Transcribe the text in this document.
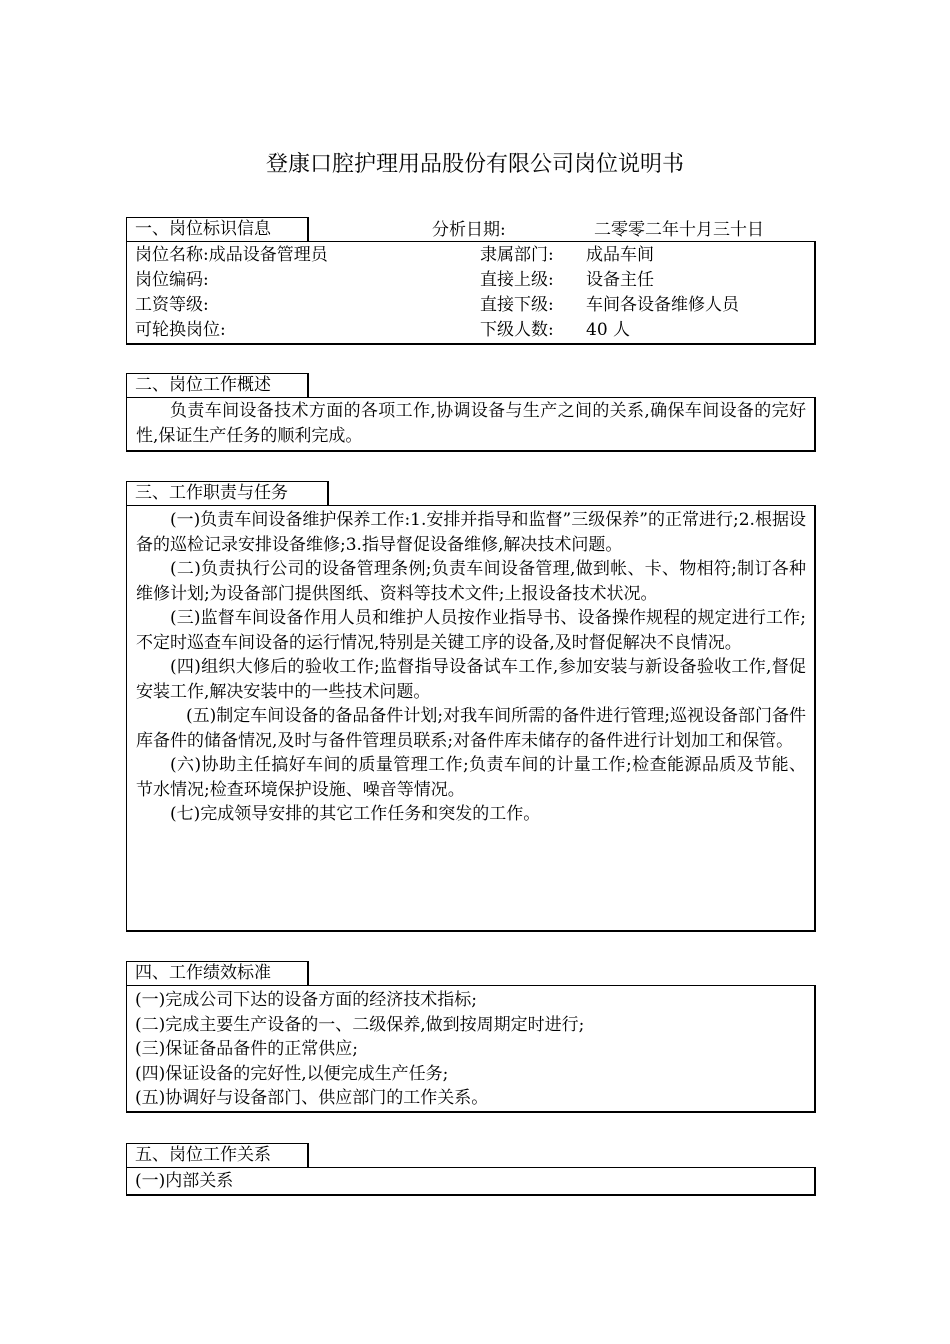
登康口腔护理用品股份有限公司岗位说明书
一、岗位标识信息	分析日期:	二零零二年十月三十日
岗位名称:成品设备管理员	隶属部门: 成品车间
岗位编码:	直接上级: 设备主任
工资等级:	直接下级: 车间各设备维修人员
可轮换岗位:	下级人数: 40 人
二、岗位工作概述

负责车间设备技术方面的各项工作,协调设备与生产之间的关系,确保车间设备的完好性,保证生产任务的顺利完成。

三、工作职责与任务

(一)负责车间设备维护保养工作:1.安排并指导和监督”三级保养”的正常进行;2.根据设备的巡检记录安排设备维修;3.指导督促设备维修,解决技术问题。

(二)负责执行公司的设备管理条例;负责车间设备管理,做到帐、卡、物相符;制订各种维修计划;为设备部门提供图纸、资料等技术文件;上报设备技术状况。

(三)监督车间设备作用人员和维护人员按作业指导书、设备操作规程的规定进行工作;不定时巡查车间设备的运行情况,特别是关键工序的设备,及时督促解决不良情况。

(四)组织大修后的验收工作;监督指导设备试车工作,参加安装与新设备验收工作,督促安装工作,解决安装中的一些技术问题。

(五)制定车间设备的备品备件计划;对我车间所需的备件进行管理;巡视设备部门备件库备件的储备情况,及时与备件管理员联系;对备件库未储存的备件进行计划加工和保管。

(六)协助主任搞好车间的质量管理工作;负责车间的计量工作;检查能源品质及节能、节水情况;检查环境保护设施、噪音等情况。

(七)完成领导安排的其它工作任务和突发的工作。

四、工作绩效标准

(一)完成公司下达的设备方面的经济技术指标;

(二)完成主要生产设备的一、二级保养,做到按周期定时进行;

(三)保证备品备件的正常供应;

(四)保证设备的完好性,以便完成生产任务;

(五)协调好与设备部门、供应部门的工作关系。

五、岗位工作关系

(一)内部关系
